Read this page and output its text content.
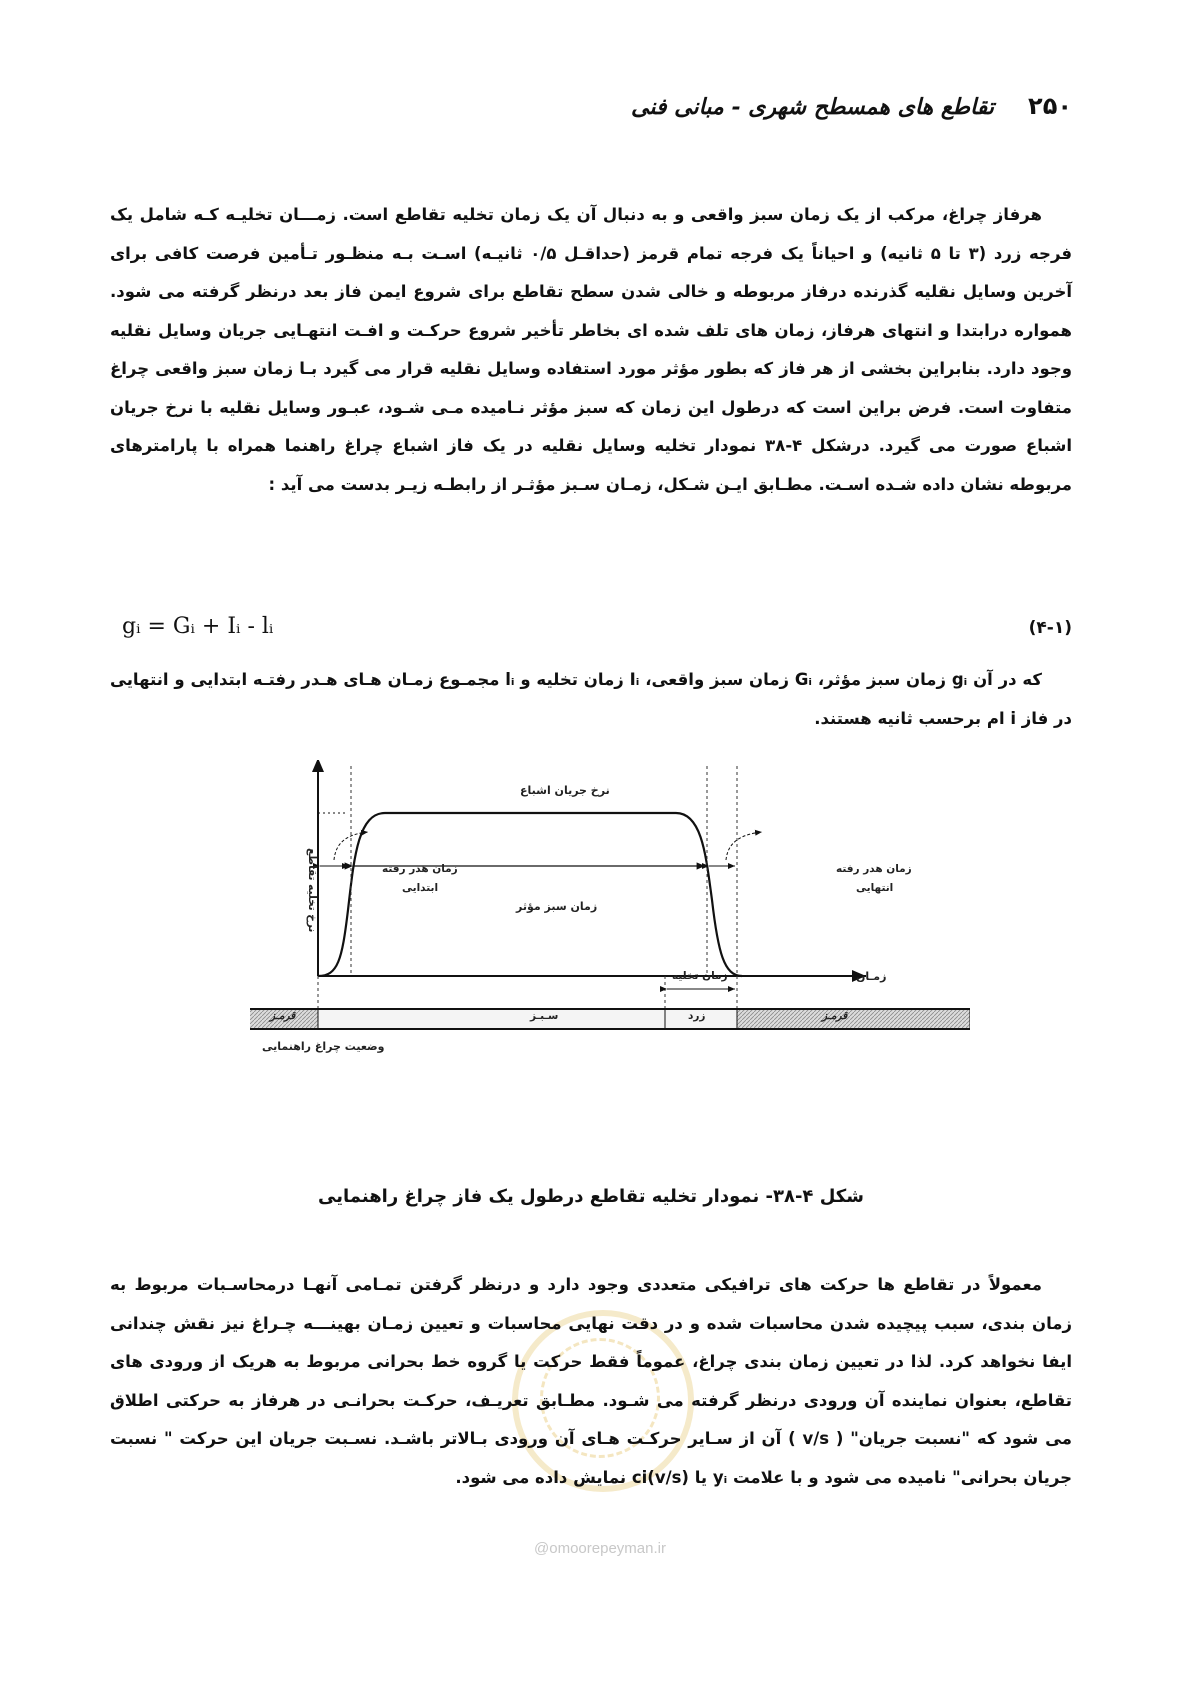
۲۵۰
تقاطع های همسطح شهری - مبانی فنی
هرفاز چراغ، مرکب از یک زمان سبز واقعی و به دنبال آن یک زمان تخلیه تقاطع است. زمـــان تخلیـه کـه شامل یک فرجه زرد (۳ تا ۵ ثانیه) و احیاناً یک فرجه تمام قرمز (حداقـل ۰/۵ ثانیـه) اسـت بـه منظـور تـأمین فرصت کافی برای آخرین وسایل نقلیه گذرنده درفاز مربوطه و خالی شدن سطح تقاطع برای شروع ایمن فاز بعد درنظر گرفته می شود. همواره درابتدا و انتهای هرفاز، زمان های تلف شده ای بخاطر تأخیر شروع حرکـت و افـت انتهـایی جریان وسایل نقلیه وجود دارد. بنابراین بخشی از هر فاز که بطور مؤثر مورد استفاده وسایل نقلیه قرار می گیرد بـا زمان سبز واقعی چراغ متفاوت است. فرض براین است که درطول این زمان که سبز مؤثر نـامیده مـی شـود، عبـور وسایل نقلیه با نرخ جریان اشباع صورت می گیرد. درشکل ۴-۳۸ نمودار تخلیه وسایل نقلیه در یک فاز اشباع چراغ راهنما همراه با پارامترهای مربوطه نشان داده شـده اسـت. مطـابق ایـن شـکل، زمـان سـبز مؤثـر از رابطـه زیـر بدست می آید :
gᵢ = Gᵢ + Iᵢ - lᵢ	(۴-۱)
که در آن gᵢ زمان سبز مؤثر، Gᵢ زمان سبز واقعی، Iᵢ زمان تخلیه و lᵢ مجمـوع زمـان هـای هـدر رفتـه ابتدایی و انتهایی در فاز i ام برحسب ثانیه هستند.
نرخ جریان اشباع
نرخ تخلیه تقاطع	زمان هدر رفته
ابتدایی
زمان هدر رفته
انتهایی
زمان سبز مؤثر
زمان تخلیه	زمـان
قرمـز	سـبـز	زرد	قرمـز
وضعیت چراغ راهنمایی
شکل ۴-۳۸- نمودار تخلیه تقاطع درطول یک فاز چراغ راهنمایی
معمولاً در تقاطع ها حرکت های ترافیکی متعددی وجود دارد و درنظر گرفتن تمـامی آنهـا درمحاسـبات مربوط به زمان بندی، سبب پیچیده شدن محاسبات شده و در دقت نهایی محاسبات و تعیین زمـان بهینـــه چـراغ نیز نقش چندانی ایفا نخواهد کرد. لذا در تعیین زمان بندی چراغ، عموماً فقط حرکت یا گروه خط بحرانی مربوط به هریک از ورودی های تقاطع، بعنوان نماینده آن ورودی درنظر گرفته می شـود. مطـابق تعریـف، حرکـت بحرانـی در هرفاز به حرکتی اطلاق می شود که "نسبت جریان" ( v/s ) آن از سـایر حرکـت هـای آن ورودی بـالاتر باشـد. نسـبت جریان این حرکت " نسبت جریان بحرانی" نامیده می شود و با علامت yᵢ یا (v/s)ci نمایش داده می شود.
@omoorepeyman.ir
